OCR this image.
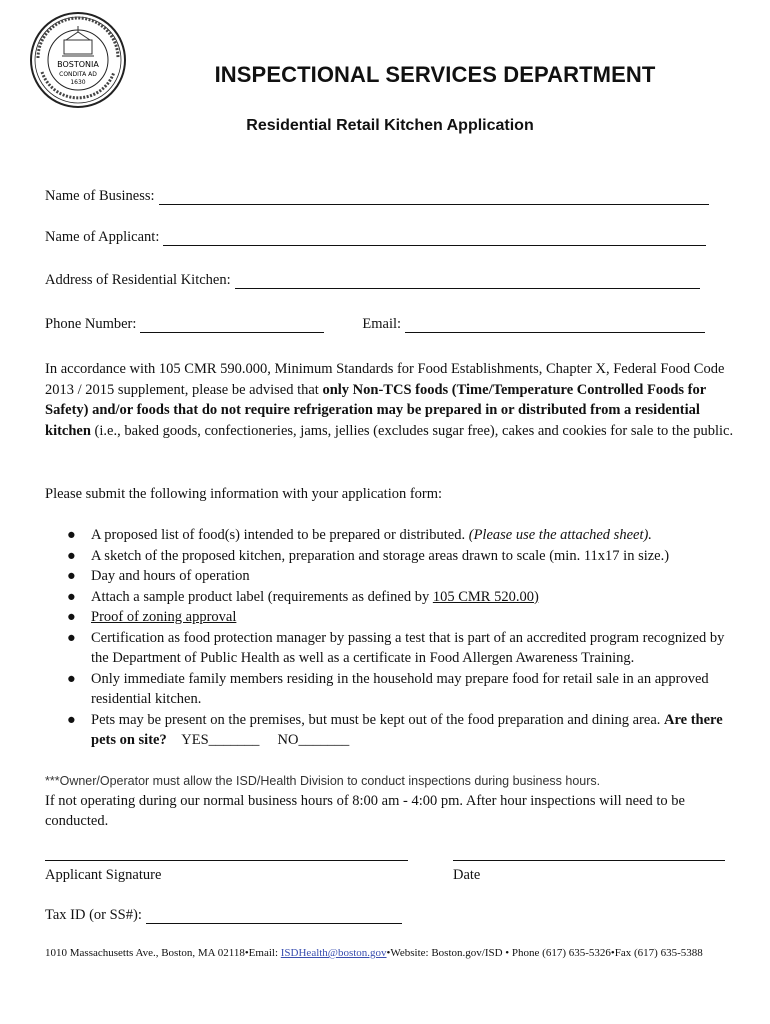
BOSTONIA
CONDITA AD
1630	INSPECTIONAL SERVICES DEPARTMENT
Residential Retail Kitchen Application
Name of Business:
Name of Applicant:
Address of Residential Kitchen:
Phone Number:	Email:
In accordance with 105 CMR 590.000, Minimum Standards for Food Establishments, Chapter X, Federal Food Code 2013 / 2015 supplement, please be advised that only Non-TCS foods (Time/Temperature Controlled Foods for Safety) and/or foods that do not require refrigeration may be prepared in or distributed from a residential kitchen (i.e., baked goods, confectioneries, jams, jellies (excludes sugar free), cakes and cookies for sale to the public.
Please submit the following information with your application form:
● A proposed list of food(s) intended to be prepared or distributed. (Please use the attached sheet).
● A sketch of the proposed kitchen, preparation and storage areas drawn to scale (min. 11x17 in size.)
● Day and hours of operation
● Attach a sample product label (requirements as defined by 105 CMR 520.00)
● Proof of zoning approval
● Certification as food protection manager by passing a test that is part of an accredited program recognized by the Department of Public Health as well as a certificate in Food Allergen Awareness Training.
● Only immediate family members residing in the household may prepare food for retail sale in an approved residential kitchen.
● Pets may be present on the premises, but must be kept out of the food preparation and dining area. Are there pets on site? YES_______ NO_______
***Owner/Operator must allow the ISD/Health Division to conduct inspections during business hours.
If not operating during our normal business hours of 8:00 am - 4:00 pm. After hour inspections will need to be conducted.
Applicant Signature	Date
Tax ID (or SS#):
1010 Massachusetts Ave., Boston, MA 02118•Email: ISDHealth@boston.gov•Website: Boston.gov/ISD • Phone (617) 635-5326•Fax (617) 635-5388
